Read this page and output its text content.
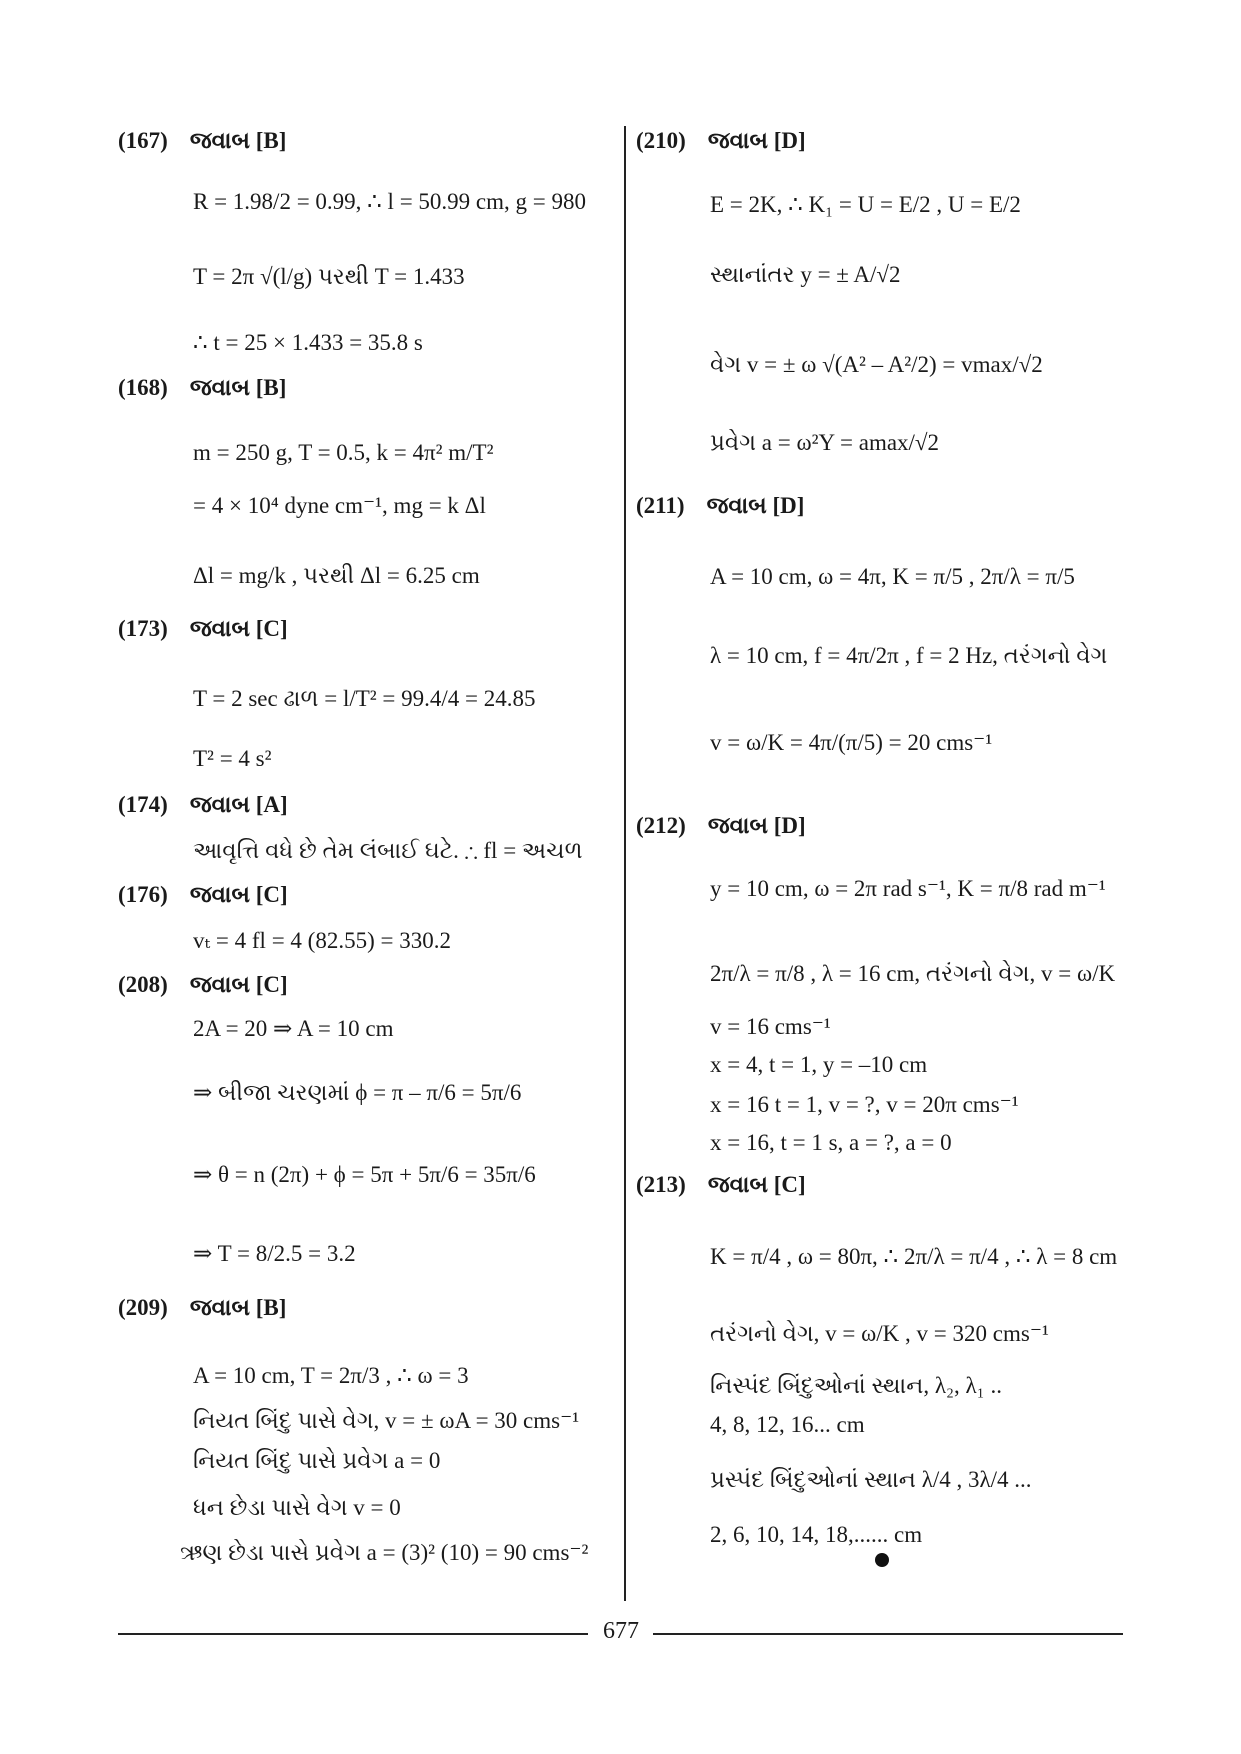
(167) જવાબ [B]
R = 1.98/2 = 0.99, ∴ l = 50.99 cm, g = 980
T = 2π √(l/g) પરથી T = 1.433
∴ t = 25 × 1.433 = 35.8 s
(168) જવાબ [B]
m = 250 g, T = 0.5, k = 4π² m/T²
= 4 × 10⁴ dyne cm⁻¹, mg = k Δl
Δl = mg/k , પરથી Δl = 6.25 cm
(173) જવાબ [C]
T = 2 sec ઢાળ = l/T² = 99.4/4 = 24.85
T² = 4 s²
(174) જવાબ [A]
આવૃત્તિ વધે છે તેમ લંબાઈ ઘટે. ∴ fl = અચળ
(176) જવાબ [C]
vₜ = 4 fl = 4 (82.55) = 330.2
(208) જવાબ [C]
2A = 20 ⇒ A = 10 cm
⇒ બીજા ચરણમાં ϕ = π – π/6 = 5π/6
⇒ θ = n (2π) + ϕ = 5π + 5π/6 = 35π/6
⇒ T = 8/2.5 = 3.2
(209) જવાબ [B]
A = 10 cm, T = 2π/3 , ∴ ω = 3
નિયત બિંદુ પાસે વેગ, v = ± ωA = 30 cms⁻¹
નિયત બિંદુ પાસે પ્રવેગ a = 0
ધન છેડા પાસે વેગ v = 0
ઋણ છેડા પાસે પ્રવેગ a = (3)² (10) = 90 cms⁻²
(210) જવાબ [D]
E = 2K, ∴ K₁ = U = E/2 , U = E/2
સ્થાનાંતર y = ± A/√2
વેગ v = ± ω √(A² – A²/2) = vmax/√2
પ્રવેગ a = ω²Y = amax/√2
(211) જવાબ [D]
A = 10 cm, ω = 4π, K = π/5 , 2π/λ = π/5
λ = 10 cm, f = 4π/2π , f = 2 Hz, તરંગનો વેગ
v = ω/K = 4π/(π/5) = 20 cms⁻¹
(212) જવાબ [D]
y = 10 cm, ω = 2π rad s⁻¹, K = π/8 rad m⁻¹
2π/λ = π/8 , λ = 16 cm, તરંગનો વેગ, v = ω/K
v = 16 cms⁻¹
x = 4, t = 1, y = –10 cm
x = 16 t = 1, v = ?, v = 20π cms⁻¹
x = 16, t = 1 s, a = ?, a = 0
(213) જવાબ [C]
K = π/4 , ω = 80π, ∴ 2π/λ = π/4 , ∴ λ = 8 cm
તરંગનો વેગ, v = ω/K , v = 320 cms⁻¹
નિસ્પંદ બિંદુઓનાં સ્થાન, λ₂, λ₁ ..
4, 8, 12, 16... cm
પ્રસ્પંદ બિંદુઓનાં સ્થાન λ/4 , 3λ/4 ...
2, 6, 10, 14, 18,...... cm
677
